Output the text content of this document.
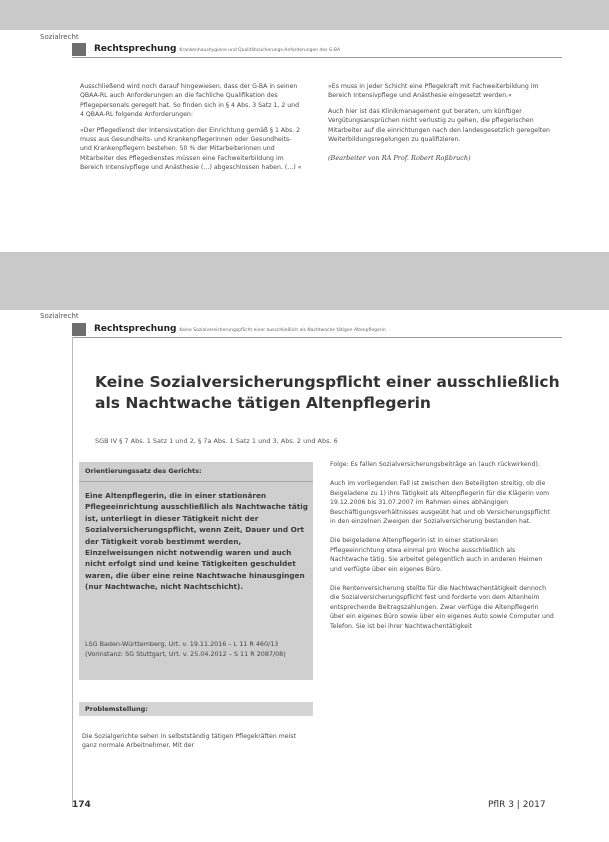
Sozialrecht
Rechtsprechung Krankenhaushygiene und Qualitätssicherungs-Anforderungen des G-BA

Ausschließend wird noch darauf hingewiesen, dass der G-BA in seinen QBAA-RL auch Anforderungen an die fachliche Qualifikation des Pflegepersonals geregelt hat. So finden sich in § 4 Abs. 3 Satz 1, 2 und 4 QBAA-RL folgende Anforderungen:

»Der Pflegedienst der Intensivstation der Einrichtung gemäß § 1 Abs. 2 muss aus Gesundheits- und Krankenpflegerinnen oder Gesundheits- und Krankenpflegern bestehen. 50 % der Mitarbeiterinnen und Mitarbeiter des Pflegedienstes müssen eine Fachweiterbildung im Bereich Intensivpflege und Anästhesie (…) abgeschlossen haben. (…) «

»Es muss in jeder Schicht eine Pflegekraft mit Fachweiterbildung im Bereich Intensivpflege und Anästhesie eingesetzt werden.«

Auch hier ist das Klinikmanagement gut beraten, um künftiger Vergütungsansprüchen nicht verlustig zu gehen, die pflegerischen Mitarbeiter auf die einrichtungen nach den landesgesetzlich geregelten Weiterbildungsregelungen zu qualifizieren.

(Bearbeiter von RA Prof. Robert Roßbruch)

Sozialrecht
Rechtsprechung Keine Sozialversicherungspflicht einer ausschließlich als Nachtwache tätigen Altenpflegerin
Keine Sozialversicherungspflicht einer ausschließlich
als Nachtwache tätigen Altenpflegerin
SGB IV § 7 Abs. 1 Satz 1 und 2, § 7a Abs. 1 Satz 1 und 3, Abs. 2 und Abs. 6
Orientierungssatz des Gerichts:
Eine Altenpflegerin, die in einer stationären Pflegeeinrichtung ausschließlich als Nachtwache tätig ist, unterliegt in dieser Tätigkeit nicht der Sozialversicherungspflicht, wenn Zeit, Dauer und Ort der Tätigkeit vorab bestimmt werden, Einzelweisungen nicht notwendig waren und auch nicht erfolgt sind und keine Tätigkeiten geschuldet waren, die über eine reine Nachtwache hinausgingen (nur Nachtwache, nicht Nachtschicht).
LSG Baden-Württemberg, Urt. v. 19.11.2016 – L 11 R 460/13 (Vorinstanz: SG Stuttgart, Urt. v. 25.04.2012 – S 11 R 2087/08)
Problemstellung:
Die Sozialgerichte sehen in selbstständig tätigen Pflegekräften meist ganz normale Arbeitnehmer. Mit der

Folge: Es fallen Sozialversicherungsbeiträge an (auch rückwirkend).

Auch im vorliegenden Fall ist zwischen den Beteiligten streitig, ob die Beigeladene zu 1) ihre Tätigkeit als Altenpflegerin für die Klägerin vom 19.12.2006 bis 31.07.2007 im Rahmen eines abhängigen Beschäftigungsverhältnisses ausgeübt hat und ob Versicherungspflicht in den einzelnen Zweigen der Sozialversicherung bestanden hat.

Die beigeladene Altenpflegerin ist in einer stationären Pflegeeinrichtung etwa einmal pro Woche ausschließlich als Nachtwache tätig. Sie arbeitet gelegentlich auch in anderen Heimen und verfügte über ein eigenes Büro.

Die Rentenversicherung stellte für die Nachtwachentätigkeit dennoch die Sozialversicherungspflicht fest und forderte von dem Altenheim entsprechende Beitragszahlungen. Zwar verfüge die Altenpflegerin über ein eigenes Büro sowie über ein eigenes Auto sowie Computer und Telefon. Sie ist bei ihrer Nachtwachentätigkeit

174	PflR 3 | 2017
